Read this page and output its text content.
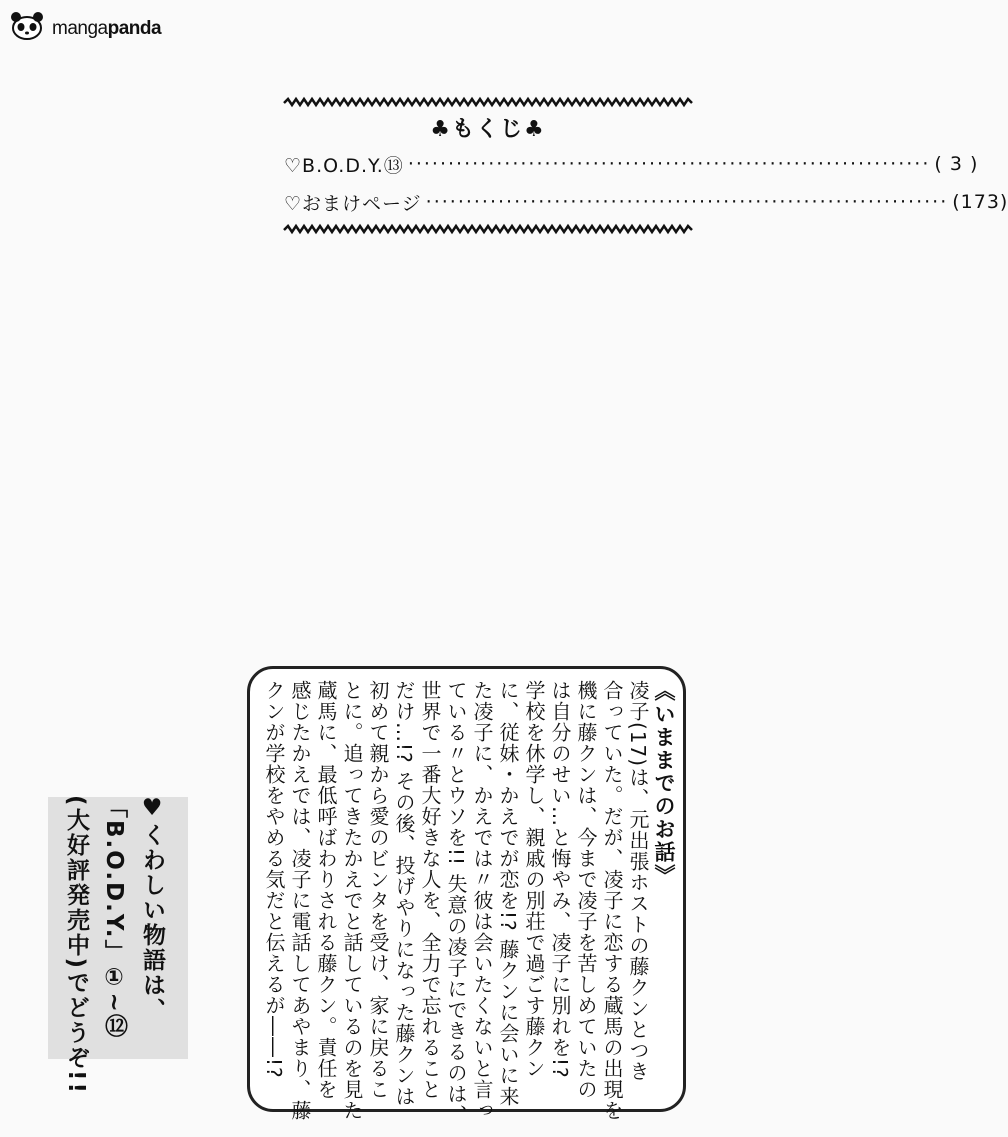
mangapanda
♣もくじ♣
♡B.O.D.Y.⑬ ································································· ( 3 )
♡おまけページ ································································· (173)
《いままでのお話》
凌子(17)は、元出張ホストの藤クンとつき
合っていた。だが、凌子に恋する蔵馬の出現を
機に藤クンは、今まで凌子を苦しめていたの
は自分のせい…と悔やみ、凌子に別れを!?
学校を休学し、親戚の別荘で過ごす藤クン
に、従妹・かえでが恋を!? 藤クンに会いに来
た凌子に、かえでは〃彼は会いたくないと言っ
ている〃とウソを!! 失意の凌子にできるのは、
世界で一番大好きな人を、全力で忘れること
だけ…!? その後、投げやりになった藤クンは
初めて親から愛のビンタを受け、家に戻るこ
とに。追ってきたかえでと話しているのを見た
蔵馬に、最低呼ばわりされる藤クン。責任を
感じたかえでは、凌子に電話してあやまり、藤
クンが学校をやめる気だと伝えるが――!?
♥くわしい物語は、
「B.O.D.Y.」①~⑫
(大好評発売中)でどうぞ!!
